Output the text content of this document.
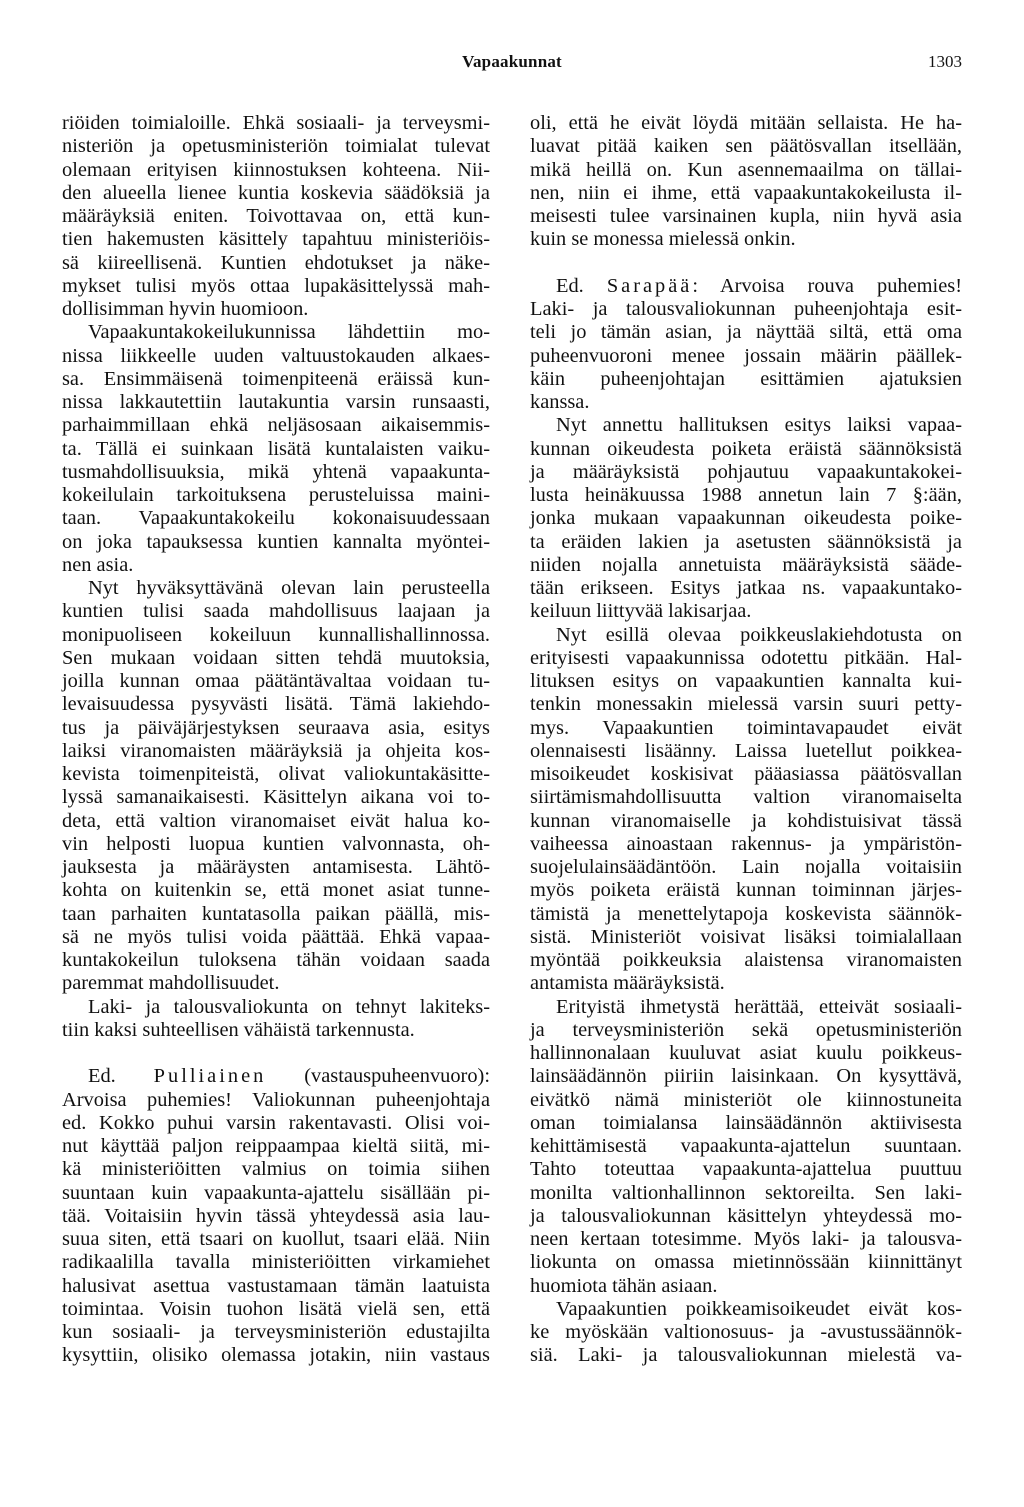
Vapaakunnat	1303
riöiden toimialoille. Ehkä sosiaali- ja terveysmi-
nisteriön ja opetusministeriön toimialat tulevat
olemaan erityisen kiinnostuksen kohteena. Nii-
den alueella lienee kuntia koskevia säädöksiä ja
määräyksiä eniten. Toivottavaa on, että kun-
tien hakemusten käsittely tapahtuu ministeriöis-
sä kiireellisenä. Kuntien ehdotukset ja näke-
mykset tulisi myös ottaa lupakäsittelyssä mah-
dollisimman hyvin huomioon.
Vapaakuntakokeilukunnissa lähdettiin mo-
nissa liikkeelle uuden valtuustokauden alkaes-
sa. Ensimmäisenä toimenpiteenä eräissä kun-
nissa lakkautettiin lautakuntia varsin runsaasti,
parhaimmillaan ehkä neljäsosaan aikaisemmis-
ta. Tällä ei suinkaan lisätä kuntalaisten vaiku-
tusmahdollisuuksia, mikä yhtenä vapaakunta-
kokeilulain tarkoituksena perusteluissa maini-
taan. Vapaakuntakokeilu kokonaisuudessaan
on joka tapauksessa kuntien kannalta myöntei-
nen asia.
Nyt hyväksyttävänä olevan lain perusteella
kuntien tulisi saada mahdollisuus laajaan ja
monipuoliseen kokeiluun kunnallishallinnossa.
Sen mukaan voidaan sitten tehdä muutoksia,
joilla kunnan omaa päätäntävaltaa voidaan tu-
levaisuudessa pysyvästi lisätä. Tämä lakiehdo-
tus ja päiväjärjestyksen seuraava asia, esitys
laiksi viranomaisten määräyksiä ja ohjeita kos-
kevista toimenpiteistä, olivat valiokuntakäsitte-
lyssä samanaikaisesti. Käsittelyn aikana voi to-
deta, että valtion viranomaiset eivät halua ko-
vin helposti luopua kuntien valvonnasta, oh-
jauksesta ja määräysten antamisesta. Lähtö-
kohta on kuitenkin se, että monet asiat tunne-
taan parhaiten kuntatasolla paikan päällä, mis-
sä ne myös tulisi voida päättää. Ehkä vapaa-
kuntakokeilun tuloksena tähän voidaan saada
paremmat mahdollisuudet.
Laki- ja talousvaliokunta on tehnyt lakiteks-
tiin kaksi suhteellisen vähäistä tarkennusta.
Ed. Pulliainen (vastauspuheenvuoro):
Arvoisa puhemies! Valiokunnan puheenjohtaja
ed. Kokko puhui varsin rakentavasti. Olisi voi-
nut käyttää paljon reippaampaa kieltä siitä, mi-
kä ministeriöitten valmius on toimia siihen
suuntaan kuin vapaakunta-ajattelu sisällään pi-
tää. Voitaisiin hyvin tässä yhteydessä asia lau-
suua siten, että tsaari on kuollut, tsaari elää. Niin
radikaalilla tavalla ministeriöitten virkamiehet
halusivat asettua vastustamaan tämän laatuista
toimintaa. Voisin tuohon lisätä vielä sen, että
kun sosiaali- ja terveysministeriön edustajilta
kysyttiin, olisiko olemassa jotakin, niin vastaus
oli, että he eivät löydä mitään sellaista. He ha-
luavat pitää kaiken sen päätösvallan itsellään,
mikä heillä on. Kun asennemaailma on tällai-
nen, niin ei ihme, että vapaakuntakokeilusta il-
meisesti tulee varsinainen kupla, niin hyvä asia
kuin se monessa mielessä onkin.
Ed. Sarapää: Arvoisa rouva puhemies!
Laki- ja talousvaliokunnan puheenjohtaja esit-
teli jo tämän asian, ja näyttää siltä, että oma
puheenvuoroni menee jossain määrin päällek-
käin puheenjohtajan esittämien ajatuksien
kanssa.
Nyt annettu hallituksen esitys laiksi vapaa-
kunnan oikeudesta poiketa eräistä säännöksistä
ja määräyksistä pohjautuu vapaakuntakokei-
lusta heinäkuussa 1988 annetun lain 7 §:ään,
jonka mukaan vapaakunnan oikeudesta poike-
ta eräiden lakien ja asetusten säännöksistä ja
niiden nojalla annetuista määräyksistä sääde-
tään erikseen. Esitys jatkaa ns. vapaakuntako-
keiluun liittyvää lakisarjaa.
Nyt esillä olevaa poikkeuslakiehdotusta on
erityisesti vapaakunnissa odotettu pitkään. Hal-
lituksen esitys on vapaakuntien kannalta kui-
tenkin monessakin mielessä varsin suuri petty-
mys. Vapaakuntien toimintavapaudet eivät
olennaisesti lisäänny. Laissa luetellut poikkea-
misoikeudet koskisivat pääasiassa päätösvallan
siirtämismahdollisuutta valtion viranomaiselta
kunnan viranomaiselle ja kohdistuisivat tässä
vaiheessa ainoastaan rakennus- ja ympäristön-
suojelulainsäädäntöön. Lain nojalla voitaisiin
myös poiketa eräistä kunnan toiminnan järjes-
tämistä ja menettelytapoja koskevista säännök-
sistä. Ministeriöt voisivat lisäksi toimialallaan
myöntää poikkeuksia alaistensa viranomaisten
antamista määräyksistä.
Erityistä ihmetystä herättää, etteivät sosiaali-
ja terveysministeriön sekä opetusministeriön
hallinnonalaan kuuluvat asiat kuulu poikkeus-
lainsäädännön piiriin laisinkaan. On kysyttävä,
eivätkö nämä ministeriöt ole kiinnostuneita
oman toimialansa lainsäädännön aktiivisesta
kehittämisestä vapaakunta-ajattelun suuntaan.
Tahto toteuttaa vapaakunta-ajattelua puuttuu
monilta valtionhallinnon sektoreilta. Sen laki-
ja talousvaliokunnan käsittelyn yhteydessä mo-
neen kertaan totesimme. Myös laki- ja talousva-
liokunta on omassa mietinnössään kiinnittänyt
huomiota tähän asiaan.
Vapaakuntien poikkeamisoikeudet eivät kos-
ke myöskään valtionosuus- ja -avustussäännök-
siä. Laki- ja talousvaliokunnan mielestä va-
